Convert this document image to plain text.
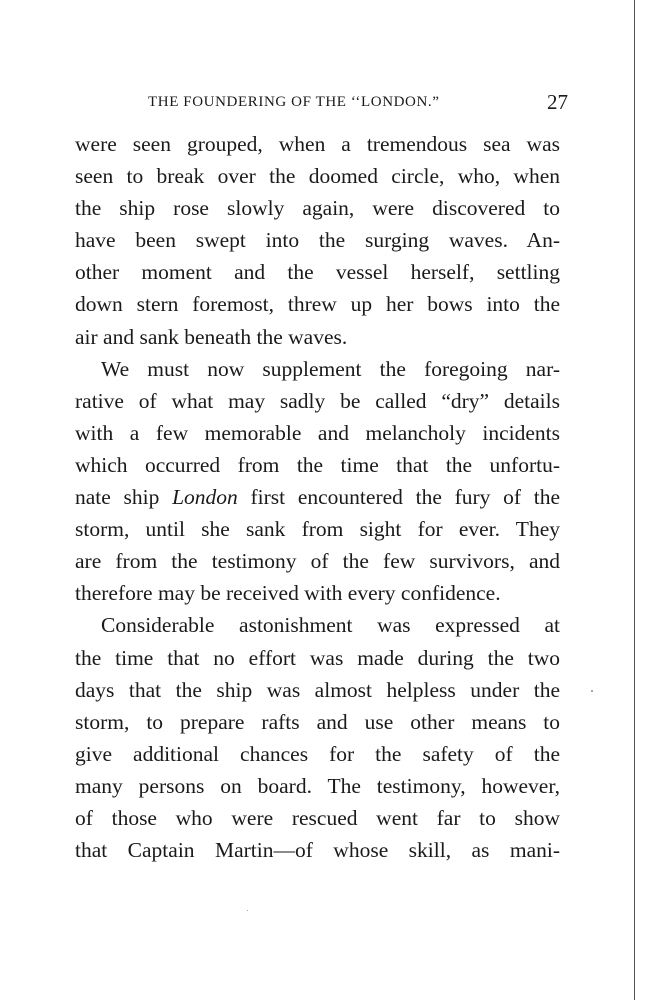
THE FOUNDERING OF THE ‘‘LONDON.”	27
were seen grouped, when a tremendous sea was
seen to break over the doomed circle, who, when
the ship rose slowly again, were discovered to
have been swept into the surging waves. An-
other moment and the vessel herself, settling
down stern foremost, threw up her bows into the
air and sank beneath the waves.
We must now supplement the foregoing nar-
rative of what may sadly be called “dry” details
with a few memorable and melancholy incidents
which occurred from the time that the unfortu-
nate ship London first encountered the fury of the
storm, until she sank from sight for ever. They
are from the testimony of the few survivors, and
therefore may be received with every confidence.
Considerable astonishment was expressed at
the time that no effort was made during the two
days that the ship was almost helpless under the
storm, to prepare rafts and use other means to
give additional chances for the safety of the
many persons on board. The testimony, however,
of those who were rescued went far to show
that Captain Martin—of whose skill, as mani-
